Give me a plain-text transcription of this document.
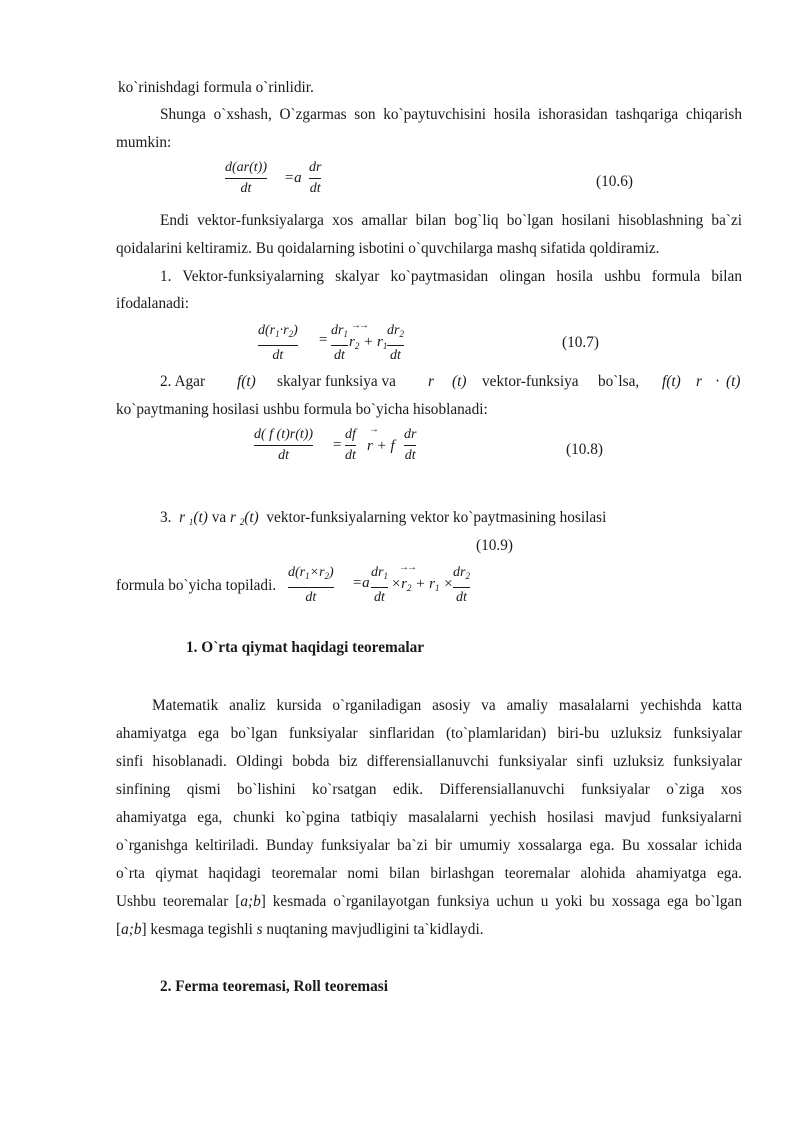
ko`rinishdagi formula o`rinlidir.
Shunga o`xshash, O`zgarmas son ko`paytuvchisini hosila ishorasidan tashqariga chiqarish
mumkin:
d(ar(t))
dt
=a
dr
dt	(10.6)
Endi vektor-funksiyalarga xos amallar bilan bog`liq bo`lgan hosilani hisoblashning ba`zi
qoidalarini keltiramiz. Bu qoidalarning isbotini o`quvchilarga mashq sifatida qoldiramiz.
1. Vektor-funksiyalarning skalyar ko`paytmasidan olingan hosila ushbu formula bilan
ifodalanadi:
$d(r_1\cdot r_2)$
dt
=
$dr_1$
dt
→→
$r_2 + r_1$
$dr_2$
dt
(10.7)
2. Agar f(t) skalyar funksiya va r (t) vektor-funksiya bo`lsa, f(t) r · (t)
ko`paytmaning hosilasi ushbu formula bo`yicha hisoblanadi:
d( f (t)r(t))
dt
=
df
dt
→
r + f
dr
dt	(10.8)
3. r $_1$(t) va r $_2$(t) vektor-funksiyalarning vektor ko`paytmasining hosilasi
(10.9)
formula bo`yicha topiladi.
$d(r_1\times r_2)$
dt
=a
$dr_1$
dt
→→
$\times r_2 + r_1$ ×
$dr_2$
dt
1. O`rta qiymat haqidagi teoremalar
Matematik analiz kursida o`rganiladigan asosiy va amaliy masalalarni yechishda katta
ahamiyatga ega bo`lgan funksiyalar sinflaridan (to`plamlaridan) biri-bu uzluksiz funksiyalar
sinfi hisoblanadi. Oldingi bobda biz differensiallanuvchi funksiyalar sinfi uzluksiz funksiyalar
sinfining qismi bo`lishini ko`rsatgan edik. Differensiallanuvchi funksiyalar o`ziga xos
ahamiyatga ega, chunki ko`pgina tatbiqiy masalalarni yechish hosilasi mavjud funksiyalarni
o`rganishga keltiriladi. Bunday funksiyalar ba`zi bir umumiy xossalarga ega. Bu xossalar ichida
o`rta qiymat haqidagi teoremalar nomi bilan birlashgan teoremalar alohida ahamiyatga ega.
Ushbu teoremalar [a;b] kesmada o`rganilayotgan funksiya uchun u yoki bu xossaga ega bo`lgan
[a;b] kesmaga tegishli s nuqtaning mavjudligini ta`kidlaydi.
2. Ferma teoremasi, Roll teoremasi
